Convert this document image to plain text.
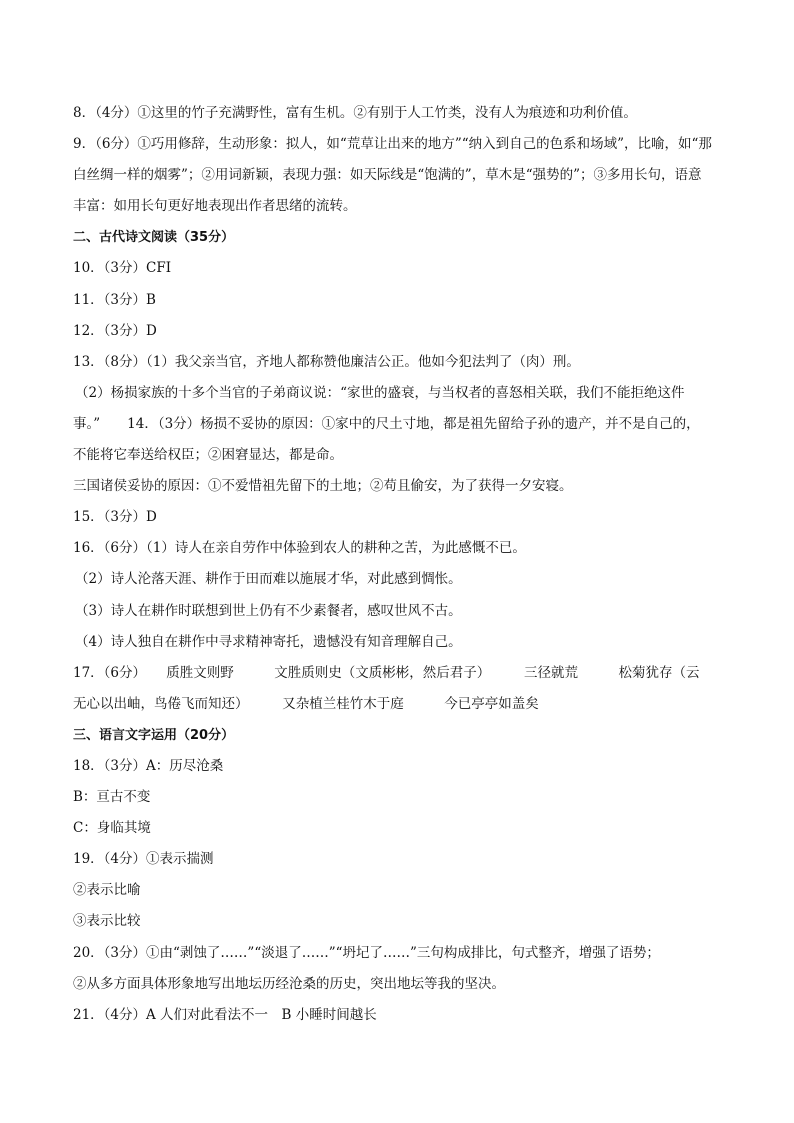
8．（4分）①这里的竹子充满野性，富有生机。②有别于人工竹类，没有人为痕迹和功利价值。
9．（6分）①巧用修辞，生动形象：拟人，如“荒草让出来的地方”“纳入到自己的色系和场域”，比喻，如“那
白丝绸一样的烟雾”；②用词新颖，表现力强：如天际线是“饱满的”，草木是“强势的”；③多用长句，语意
丰富：如用长句更好地表现出作者思绪的流转。
二、古代诗文阅读（35分）
10．（3分）CFI
11．（3分）B
12．（3分）D
13．（8分）（1）我父亲当官，齐地人都称赞他廉洁公正。他如今犯法判了（肉）刑。
（2）杨损家族的十多个当官的子弟商议说：“家世的盛衰，与当权者的喜怒相关联，我们不能拒绝这件
事。”　　14．（3分）杨损不妥协的原因：①家中的尺土寸地，都是祖先留给子孙的遗产，并不是自己的，
不能将它奉送给权臣；②困窘显达，都是命。
三国诸侯妥协的原因：①不爱惜祖先留下的土地；②苟且偷安，为了获得一夕安寝。
15．（3分）D
16．（6分）（1）诗人在亲自劳作中体验到农人的耕种之苦，为此感慨不已。
（2）诗人沦落天涯、耕作于田而难以施展才华，对此感到惆怅。
（3）诗人在耕作时联想到世上仍有不少素餐者，感叹世风不古。
（4）诗人独自在耕作中寻求精神寄托，遗憾没有知音理解自己。
17．（6分）　　质胜文则野　　　文胜质则史（文质彬彬，然后君子）　　　三径就荒　　　松菊犹存（云
无心以出岫，鸟倦飞而知还）　　　又杂植兰桂竹木于庭　　　今已亭亭如盖矣
三、语言文字运用（20分）
18．（3分）A：历尽沧桑
B：亘古不变
C：身临其境
19．（4分）①表示揣测
②表示比喻
③表示比较
20．（3分）①由“剥蚀了……”“淡退了……”“坍圮了……”三句构成排比，句式整齐，增强了语势；
②从多方面具体形象地写出地坛历经沧桑的历史，突出地坛等我的坚决。
21．（4分）A 人们对此看法不一　B 小睡时间越长
